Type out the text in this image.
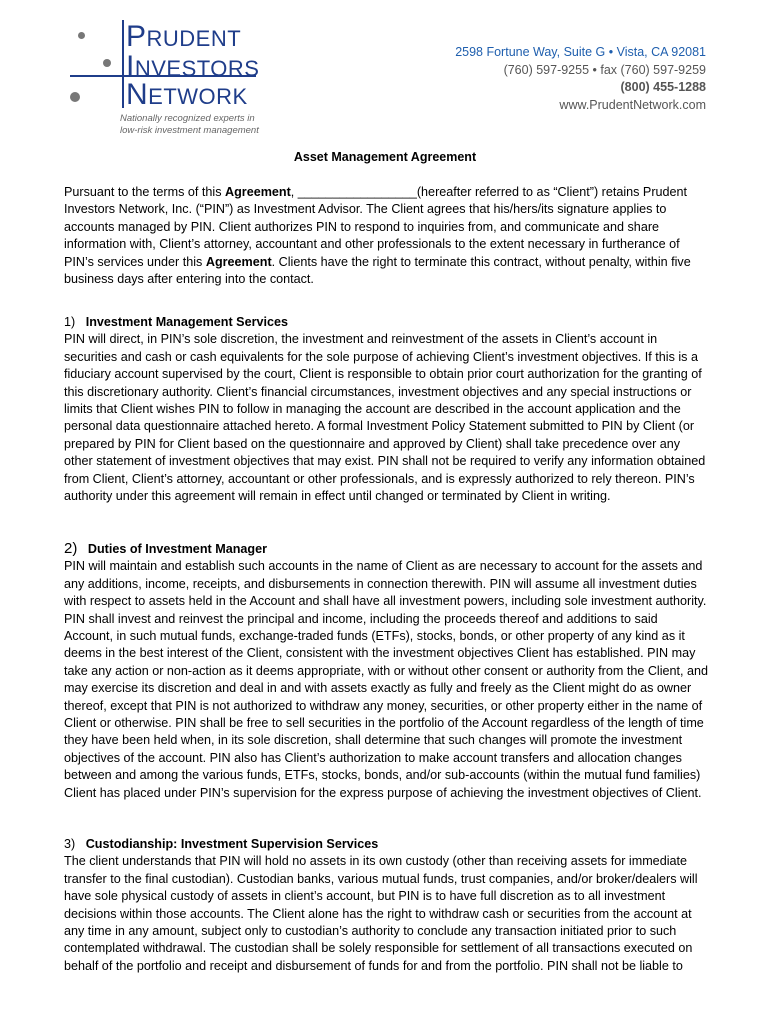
PRUDENT
INVESTORS
NETWORK
Nationally recognized experts in
low-risk investment management
2598 Fortune Way, Suite G • Vista, CA 92081
(760) 597-9255 • fax (760) 597-9259
(800) 455-1288
www.PrudentNetwork.com
Asset Management Agreement

Pursuant to the terms of this Agreement, _________________(hereafter referred to as “Client”) retains Prudent Investors Network, Inc. (“PIN”) as Investment Advisor. The Client agrees that his/hers/its signature applies to accounts managed by PIN. Client authorizes PIN to respond to inquiries from, and communicate and share information with, Client’s attorney, accountant and other professionals to the extent necessary in furtherance of PIN’s services under this Agreement. Clients have the right to terminate this contract, without penalty, within five business days after entering into the contact.

1) Investment Management Services

PIN will direct, in PIN’s sole discretion, the investment and reinvestment of the assets in Client’s account in securities and cash or cash equivalents for the sole purpose of achieving Client’s investment objectives. If this is a fiduciary account supervised by the court, Client is responsible to obtain prior court authorization for the granting of this discretionary authority. Client’s financial circumstances, investment objectives and any special instructions or limits that Client wishes PIN to follow in managing the account are described in the account application and the personal data questionnaire attached hereto. A formal Investment Policy Statement submitted to PIN by Client (or prepared by PIN for Client based on the questionnaire and approved by Client) shall take precedence over any other statement of investment objectives that may exist. PIN shall not be required to verify any information obtained from Client, Client’s attorney, accountant or other professionals, and is expressly authorized to rely thereon. PIN’s authority under this agreement will remain in effect until changed or terminated by Client in writing.

2) Duties of Investment Manager

PIN will maintain and establish such accounts in the name of Client as are necessary to account for the assets and any additions, income, receipts, and disbursements in connection therewith. PIN will assume all investment duties with respect to assets held in the Account and shall have all investment powers, including sole investment authority. PIN shall invest and reinvest the principal and income, including the proceeds thereof and additions to said Account, in such mutual funds, exchange-traded funds (ETFs), stocks, bonds, or other property of any kind as it deems in the best interest of the Client, consistent with the investment objectives Client has established. PIN may take any action or non-action as it deems appropriate, with or without other consent or authority from the Client, and may exercise its discretion and deal in and with assets exactly as fully and freely as the Client might do as owner thereof, except that PIN is not authorized to withdraw any money, securities, or other property either in the name of Client or otherwise. PIN shall be free to sell securities in the portfolio of the Account regardless of the length of time they have been held when, in its sole discretion, shall determine that such changes will promote the investment objectives of the account. PIN also has Client’s authorization to make account transfers and allocation changes between and among the various funds, ETFs, stocks, bonds, and/or sub-accounts (within the mutual fund families) Client has placed under PIN’s supervision for the express purpose of achieving the investment objectives of Client.

3) Custodianship: Investment Supervision Services

The client understands that PIN will hold no assets in its own custody (other than receiving assets for immediate transfer to the final custodian). Custodian banks, various mutual funds, trust companies, and/or broker/dealers will have sole physical custody of assets in client’s account, but PIN is to have full discretion as to all investment decisions within those accounts. The Client alone has the right to withdraw cash or securities from the account at any time in any amount, subject only to custodian’s authority to conclude any transaction initiated prior to such contemplated withdrawal. The custodian shall be solely responsible for settlement of all transactions executed on behalf of the portfolio and receipt and disbursement of funds for and from the portfolio. PIN shall not be liable to
